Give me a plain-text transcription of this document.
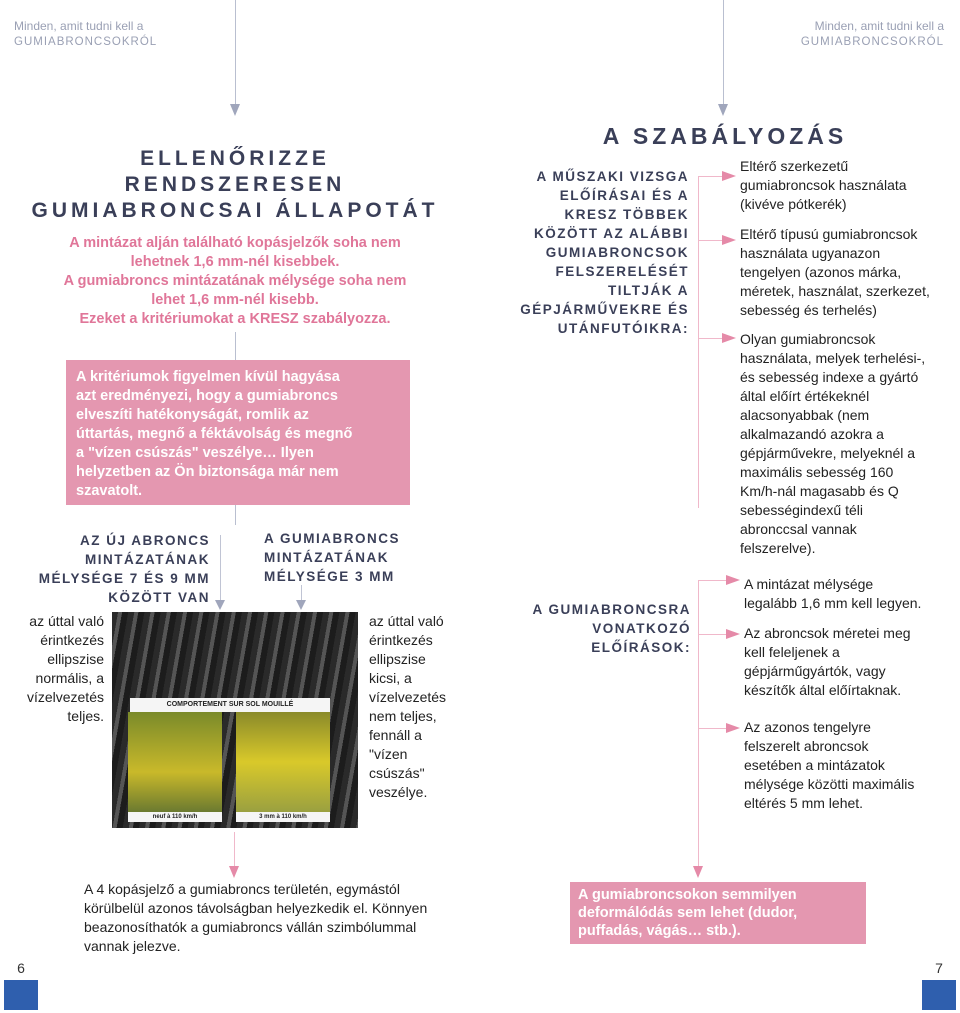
Minden, amit tudni kell a
GUMIABRONCSOKRÓL
Minden, amit tudni kell a
GUMIABRONCSOKRÓL
ELLENŐRIZZE
RENDSZERESEN
GUMIABRONCSAI ÁLLAPOTÁT
A mintázat alján található kopásjelzők soha nem
lehetnek 1,6 mm-nél kisebbek.
A gumiabroncs mintázatának mélysége soha nem
lehet 1,6 mm-nél kisebb.
Ezeket a kritériumokat a KRESZ szabályozza.
A kritériumok figyelmen kívül hagyása
azt eredményezi, hogy a gumiabroncs
elveszíti hatékonyságát, romlik az
úttartás, megnő a féktávolság és megnő
a "vízen csúszás" veszélye… Ilyen
helyzetben az Ön biztonsága már nem
szavatolt.
AZ ÚJ ABRONCS
MINTÁZATÁNAK
MÉLYSÉGE 7 ÉS 9 MM
KÖZÖTT VAN
A GUMIABRONCS
MINTÁZATÁNAK
MÉLYSÉGE 3 MM
az úttal való
érintkezés
ellipszise
normális, a
vízelvezetés
teljes.
COMPORTEMENT SUR SOL MOUILLÉ
neuf à 110 km/h	3 mm à 110 km/h
az úttal való
érintkezés
ellipszise
kicsi, a
vízelvezetés
nem teljes,
fennáll a
"vízen
csúszás"
veszélye.
A 4 kopásjelző a gumiabroncs területén, egymástól
körülbelül azonos távolságban helyezkedik el. Könnyen
beazonosíthatók a gumiabroncs vállán szimbólummal
vannak jelezve.
6
A SZABÁLYOZÁS
A MŰSZAKI VIZSGA
ELŐÍRÁSAI ÉS A
KRESZ TÖBBEK
KÖZÖTT AZ ALÁBBI
GUMIABRONCSOK
FELSZERELÉSÉT
TILTJÁK A
GÉPJÁRMŰVEKRE ÉS
UTÁNFUTÓIKRA:
Eltérő szerkezetű
gumiabroncsok használata
(kivéve pótkerék)
Eltérő típusú gumiabroncsok
használata ugyanazon
tengelyen (azonos márka,
méretek, használat, szerkezet,
sebesség és terhelés)
Olyan gumiabroncsok
használata, melyek terhelési-,
és sebesség indexe a gyártó
által előírt értékeknél
alacsonyabbak (nem
alkalmazandó azokra a
gépjárművekre, melyeknél a
maximális sebesség 160
Km/h-nál magasabb és Q
sebességindexű téli
abronccsal vannak
felszerelve).
A GUMIABRONCSRA
VONATKOZÓ
ELŐÍRÁSOK:
A mintázat mélysége
legalább 1,6 mm kell legyen.
Az abroncsok méretei meg
kell feleljenek a
gépjárműgyártók, vagy
készítők által előírtaknak.
Az azonos tengelyre
felszerelt abroncsok
esetében a mintázatok
mélysége közötti maximális
eltérés 5 mm lehet.
A gumiabroncsokon semmilyen
deformálódás sem lehet (dudor,
puffadás, vágás… stb.).
7
